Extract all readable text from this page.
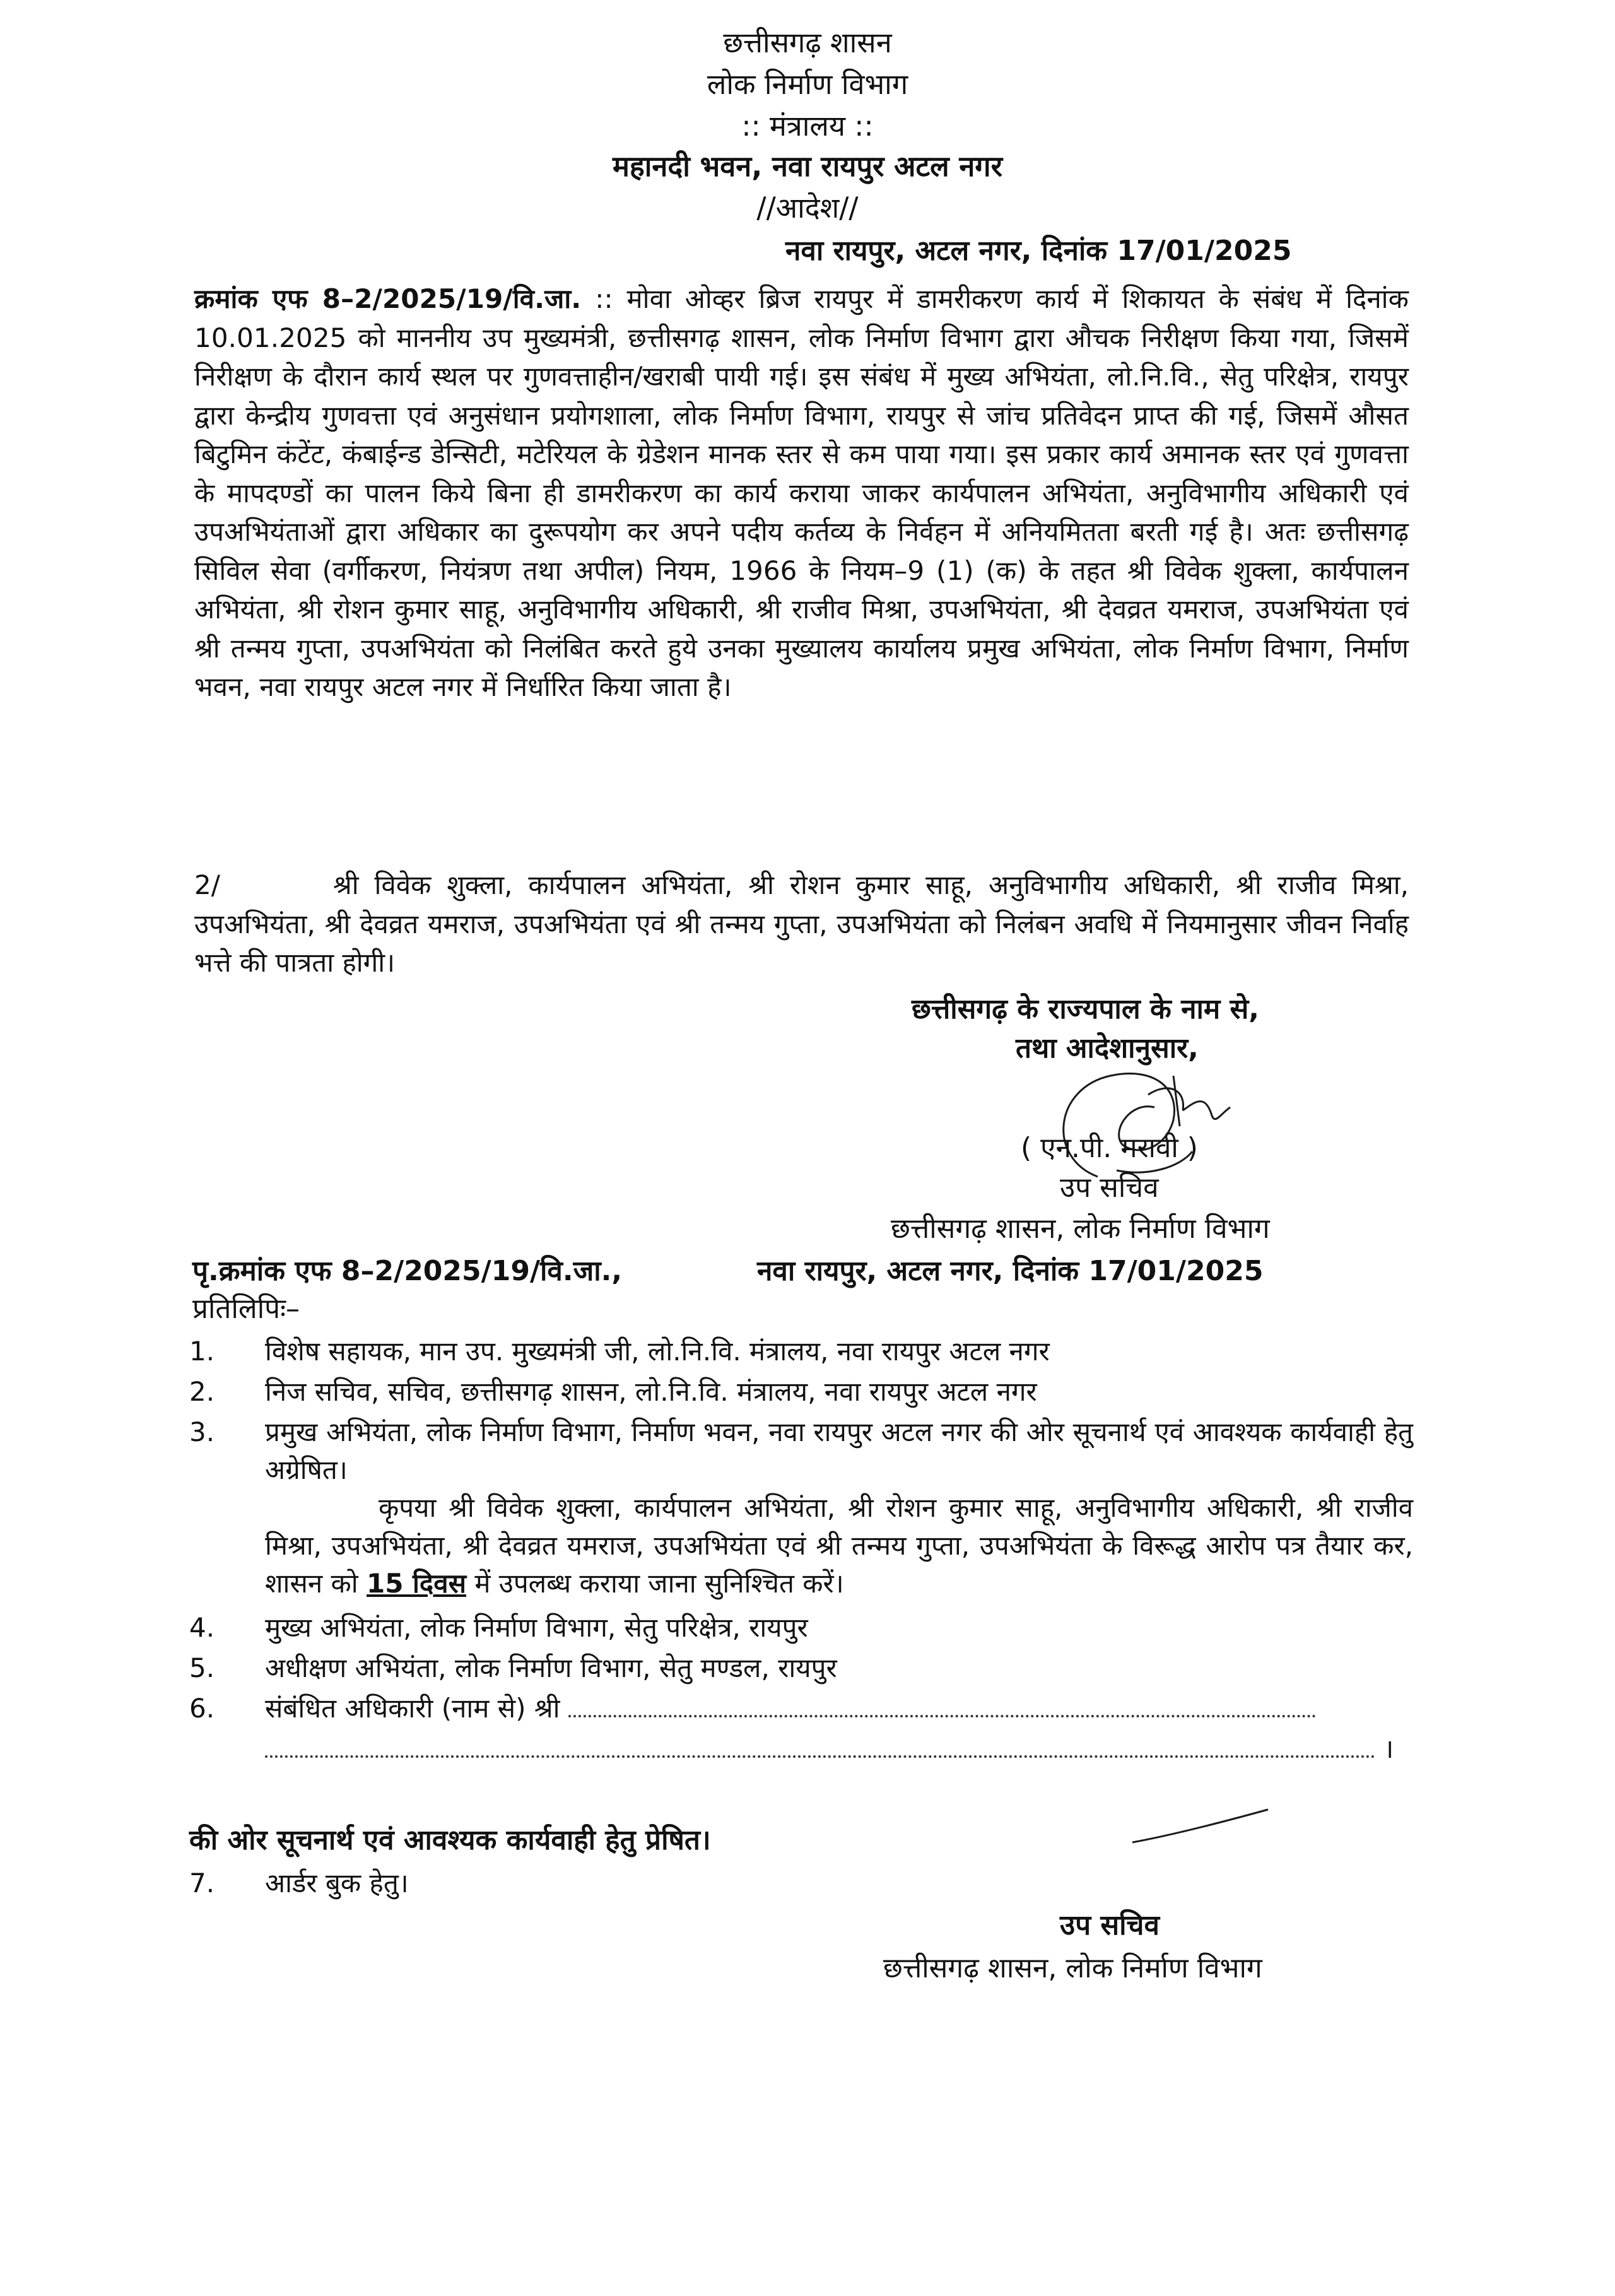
छत्तीसगढ़ शासन
लोक निर्माण विभाग
:: मंत्रालय ::
महानदी भवन, नवा रायपुर अटल नगर
//आदेश//
नवा रायपुर, अटल नगर, दिनांक 17/01/2025
क्रमांक एफ 8–2/2025/19/वि.जा. :: मोवा ओव्हर ब्रिज रायपुर में डामरीकरण कार्य में शिकायत के संबंध में दिनांक 10.01.2025 को माननीय उप मुख्यमंत्री, छत्तीसगढ़ शासन, लोक निर्माण विभाग द्वारा औचक निरीक्षण किया गया, जिसमें निरीक्षण के दौरान कार्य स्थल पर गुणवत्ताहीन/खराबी पायी गई। इस संबंध में मुख्य अभियंता, लो.नि.वि., सेतु परिक्षेत्र, रायपुर द्वारा केन्द्रीय गुणवत्ता एवं अनुसंधान प्रयोगशाला, लोक निर्माण विभाग, रायपुर से जांच प्रतिवेदन प्राप्त की गई, जिसमें औसत बिटुमिन कंटेंट, कंबाईन्ड डेन्सिटी, मटेरियल के ग्रेडेशन मानक स्तर से कम पाया गया। इस प्रकार कार्य अमानक स्तर एवं गुणवत्ता के मापदण्डों का पालन किये बिना ही डामरीकरण का कार्य कराया जाकर कार्यपालन अभियंता, अनुविभागीय अधिकारी एवं उपअभियंताओं द्वारा अधिकार का दुरूपयोग कर अपने पदीय कर्तव्य के निर्वहन में अनियमितता बरती गई है। अतः छत्तीसगढ़ सिविल सेवा (वर्गीकरण, नियंत्रण तथा अपील) नियम, 1966 के नियम–9 (1) (क) के तहत श्री विवेक शुक्ला, कार्यपालन अभियंता, श्री रोशन कुमार साहू, अनुविभागीय अधिकारी, श्री राजीव मिश्रा, उपअभियंता, श्री देवव्रत यमराज, उपअभियंता एवं श्री तन्मय गुप्ता, उपअभियंता को निलंबित करते हुये उनका मुख्यालय कार्यालय प्रमुख अभियंता, लोक निर्माण विभाग, निर्माण भवन, नवा रायपुर अटल नगर में निर्धारित किया जाता है।
2/	श्री विवेक शुक्ला, कार्यपालन अभियंता, श्री रोशन कुमार साहू, अनुविभागीय अधिकारी, श्री राजीव मिश्रा, उपअभियंता, श्री देवव्रत यमराज, उपअभियंता एवं श्री तन्मय गुप्ता, उपअभियंता को निलंबन अवधि में नियमानुसार जीवन निर्वाह भत्ते की पात्रता होगी।
छत्तीसगढ़ के राज्यपाल के नाम से,
तथा आदेशानुसार,
( एन.पी. मरावी )
उप सचिव
छत्तीसगढ़ शासन, लोक निर्माण विभाग
पृ.क्रमांक एफ 8–2/2025/19/वि.जा.,	नवा रायपुर, अटल नगर, दिनांक 17/01/2025
प्रतिलिपिः–
1. विशेष सहायक, मान उप. मुख्यमंत्री जी, लो.नि.वि. मंत्रालय, नवा रायपुर अटल नगर
2. निज सचिव, सचिव, छत्तीसगढ़ शासन, लो.नि.वि. मंत्रालय, नवा रायपुर अटल नगर
3. प्रमुख अभियंता, लोक निर्माण विभाग, निर्माण भवन, नवा रायपुर अटल नगर की ओर सूचनार्थ एवं आवश्यक कार्यवाही हेतु अग्रेषित।
कृपया श्री विवेक शुक्ला, कार्यपालन अभियंता, श्री रोशन कुमार साहू, अनुविभागीय अधिकारी, श्री राजीव मिश्रा, उपअभियंता, श्री देवव्रत यमराज, उपअभियंता एवं श्री तन्मय गुप्ता, उपअभियंता के विरूद्ध आरोप पत्र तैयार कर, शासन को 15 दिवस में उपलब्ध कराया जाना सुनिश्चित करें।
4. मुख्य अभियंता, लोक निर्माण विभाग, सेतु परिक्षेत्र, रायपुर
5. अधीक्षण अभियंता, लोक निर्माण विभाग, सेतु मण्डल, रायपुर
6. संबंधित अधिकारी (नाम से) श्री
।
की ओर सूचनार्थ एवं आवश्यक कार्यवाही हेतु प्रेषित।
7. आर्डर बुक हेतु।
उप सचिव
छत्तीसगढ़ शासन, लोक निर्माण विभाग
